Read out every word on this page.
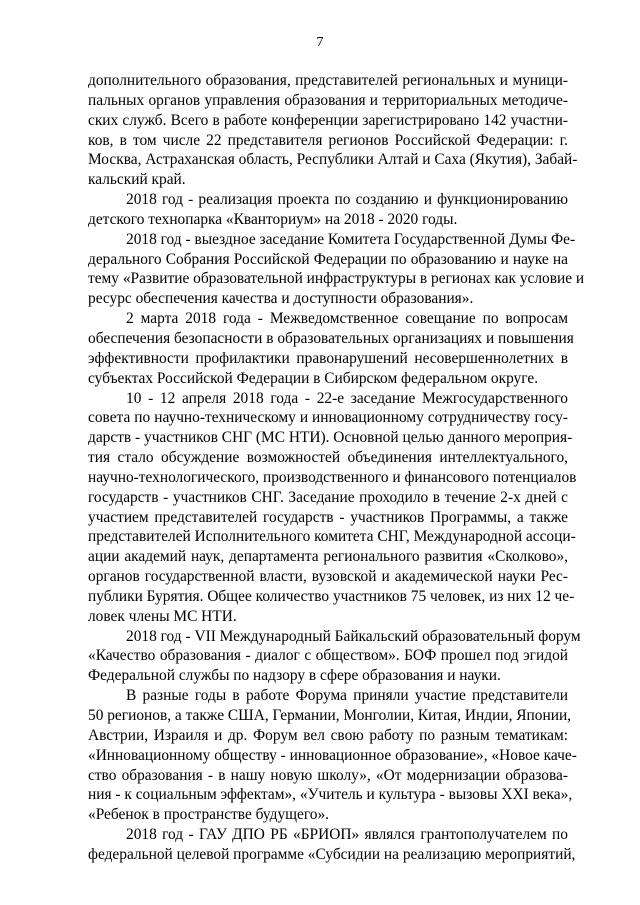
7
дополнительного образования, представителей региональных и муници-
пальных органов управления образования и территориальных методиче-
ских служб. Всего в работе конференции зарегистрировано 142 участни-
ков, в том числе 22 представителя регионов Российской Федерации: г.
Москва, Астраханская область, Республики Алтай и Саха (Якутия), Забай-
кальский край.
2018 год - реализация проекта по созданию и функционированию
детского технопарка «Кванториум» на 2018 - 2020 годы.
2018 год - выездное заседание Комитета Государственной Думы Фе-
дерального Собрания Российской Федерации по образованию и науке на
тему «Развитие образовательной инфраструктуры в регионах как условие и
ресурс обеспечения качества и доступности образования».
2 марта 2018 года - Межведомственное совещание по вопросам
обеспечения безопасности в образовательных организациях и повышения
эффективности профилактики правонарушений несовершеннолетних в
субъектах Российской Федерации в Сибирском федеральном округе.
10 - 12 апреля 2018 года - 22-е заседание Межгосударственного
совета по научно-техническому и инновационному сотрудничеству госу-
дарств - участников СНГ (МС НТИ). Основной целью данного мероприя-
тия стало обсуждение возможностей объединения интеллектуального,
научно-технологического, производственного и финансового потенциалов
государств - участников СНГ. Заседание проходило в течение 2-х дней с
участием представителей государств - участников Программы, а также
представителей Исполнительного комитета СНГ, Международной ассоци-
ации академий наук, департамента регионального развития «Сколково»,
органов государственной власти, вузовской и академической науки Рес-
публики Бурятия. Общее количество участников 75 человек, из них 12 че-
ловек члены МС НТИ.
2018 год - VII Международный Байкальский образовательный форум
«Качество образования - диалог с обществом». БОФ прошел под эгидой
Федеральной службы по надзору в сфере образования и науки.
В разные годы в работе Форума приняли участие представители
50 регионов, а также США, Германии, Монголии, Китая, Индии, Японии,
Австрии, Израиля и др. Форум вел свою работу по разным тематикам:
«Инновационному обществу - инновационное образование», «Новое каче-
ство образования - в нашу новую школу», «От модернизации образова-
ния - к социальным эффектам», «Учитель и культура - вызовы XXI века»,
«Ребенок в пространстве будущего».
2018 год - ГАУ ДПО РБ «БРИОП» являлся грантополучателем по
федеральной целевой программе «Субсидии на реализацию мероприятий,
